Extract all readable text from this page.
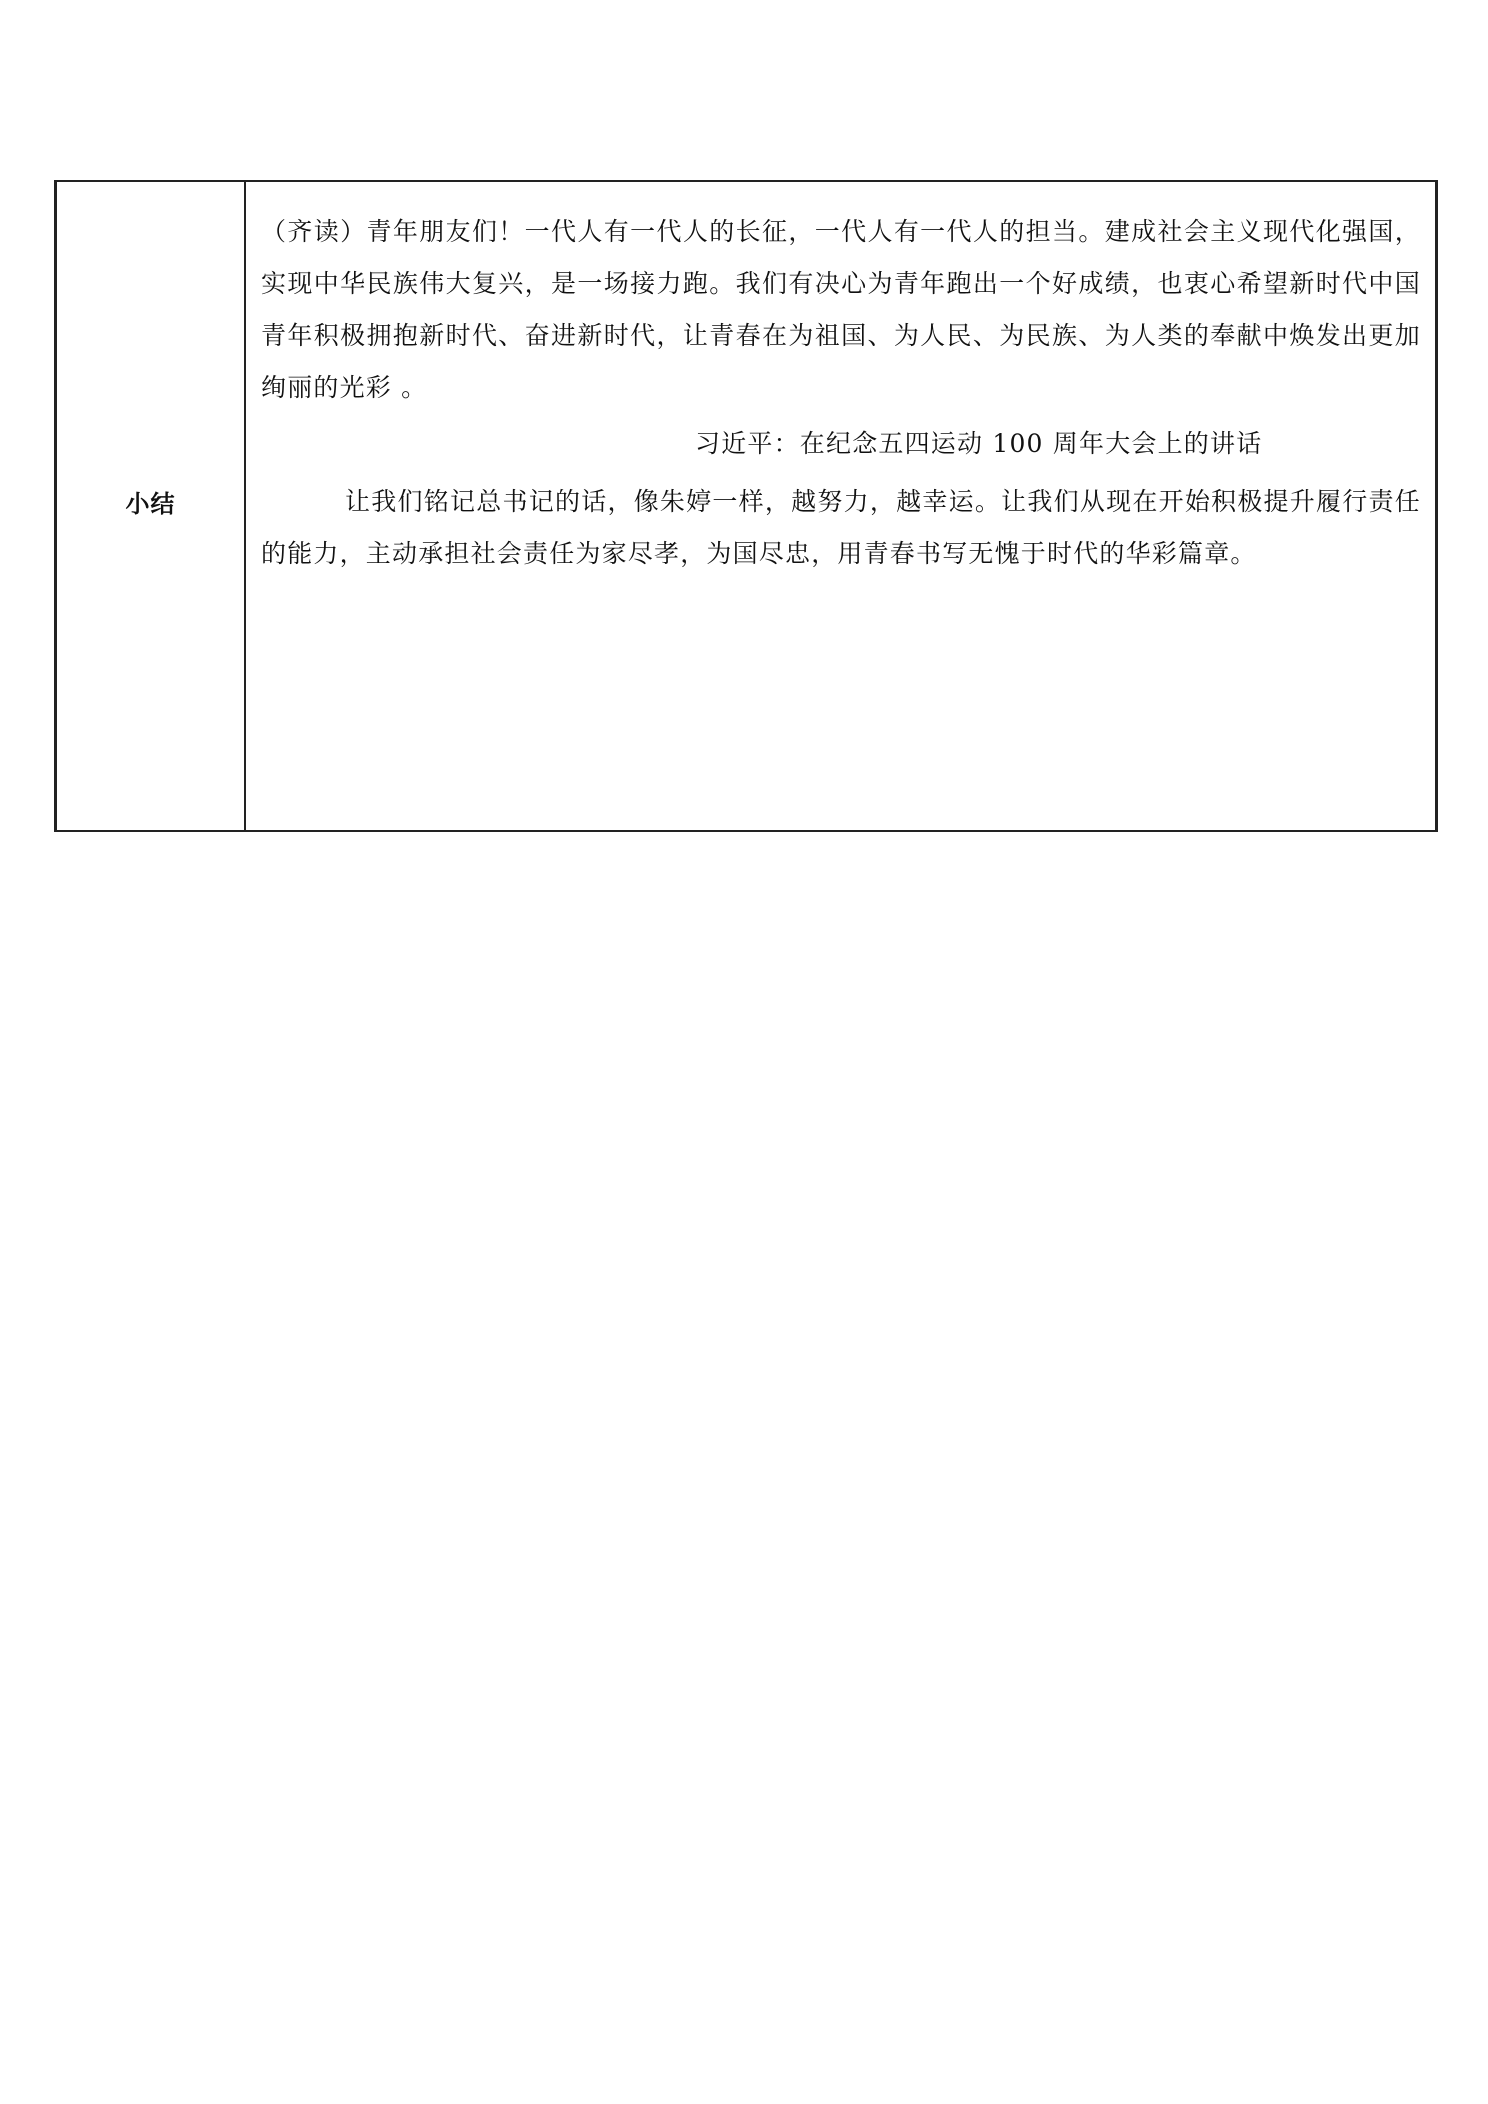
小结

（齐读）青年朋友们！一代人有一代人的长征，一代人有一代人的担当。建成社会主义现代化强国，实现中华民族伟大复兴，是一场接力跑。我们有决心为青年跑出一个好成绩，也衷心希望新时代中国青年积极拥抱新时代、奋进新时代，让青春在为祖国、为人民、为民族、为人类的奉献中焕发出更加绚丽的光彩 。

习近平：在纪念五四运动 100 周年大会上的讲话

让我们铭记总书记的话，像朱婷一样，越努力，越幸运。让我们从现在开始积极提升履行责任的能力，主动承担社会责任为家尽孝，为国尽忠，用青春书写无愧于时代的华彩篇章。
